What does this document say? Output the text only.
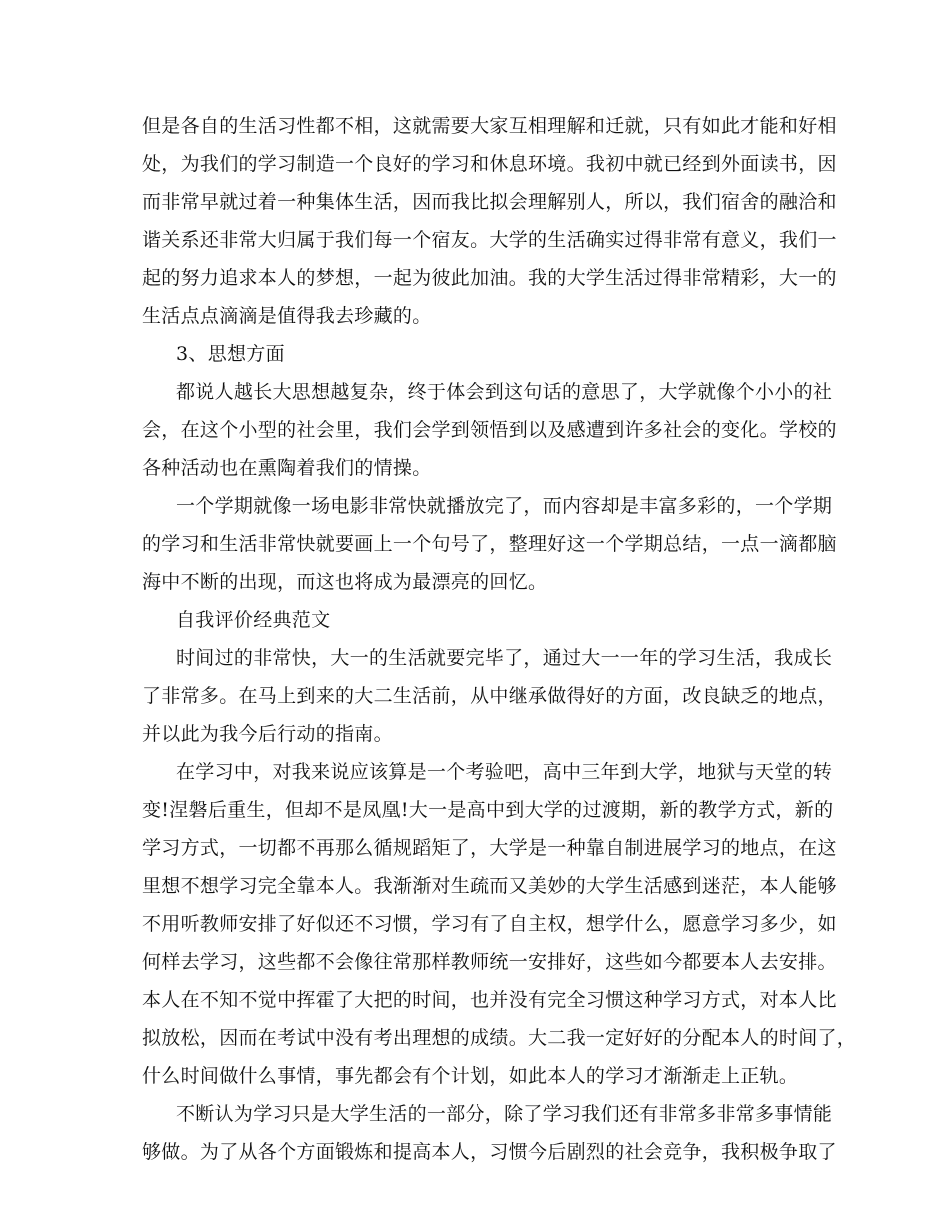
但是各自的生活习性都不相，这就需要大家互相理解和迁就，只有如此才能和好相
处，为我们的学习制造一个良好的学习和休息环境。我初中就已经到外面读书，因
而非常早就过着一种集体生活，因而我比拟会理解别人，所以，我们宿舍的融洽和
谐关系还非常大归属于我们每一个宿友。大学的生活确实过得非常有意义，我们一
起的努力追求本人的梦想，一起为彼此加油。我的大学生活过得非常精彩，大一的
生活点点滴滴是值得我去珍藏的。
3、思想方面
都说人越长大思想越复杂，终于体会到这句话的意思了，大学就像个小小的社
会，在这个小型的社会里，我们会学到领悟到以及感遭到许多社会的变化。学校的
各种活动也在熏陶着我们的情操。
一个学期就像一场电影非常快就播放完了，而内容却是丰富多彩的，一个学期
的学习和生活非常快就要画上一个句号了，整理好这一个学期总结，一点一滴都脑
海中不断的出现，而这也将成为最漂亮的回忆。
自我评价经典范文
时间过的非常快，大一的生活就要完毕了，通过大一一年的学习生活，我成长
了非常多。在马上到来的大二生活前，从中继承做得好的方面，改良缺乏的地点，
并以此为我今后行动的指南。
在学习中，对我来说应该算是一个考验吧，高中三年到大学，地狱与天堂的转
变!涅磐后重生，但却不是凤凰!大一是高中到大学的过渡期，新的教学方式，新的
学习方式，一切都不再那么循规蹈矩了，大学是一种靠自制进展学习的地点，在这
里想不想学习完全靠本人。我渐渐对生疏而又美妙的大学生活感到迷茫，本人能够
不用听教师安排了好似还不习惯，学习有了自主权，想学什么，愿意学习多少，如
何样去学习，这些都不会像往常那样教师统一安排好，这些如今都要本人去安排。
本人在不知不觉中挥霍了大把的时间，也并没有完全习惯这种学习方式，对本人比
拟放松，因而在考试中没有考出理想的成绩。大二我一定好好的分配本人的时间了，
什么时间做什么事情，事先都会有个计划，如此本人的学习才渐渐走上正轨。
不断认为学习只是大学生活的一部分，除了学习我们还有非常多非常多事情能
够做。为了从各个方面锻炼和提高本人，习惯今后剧烈的社会竞争，我积极争取了
